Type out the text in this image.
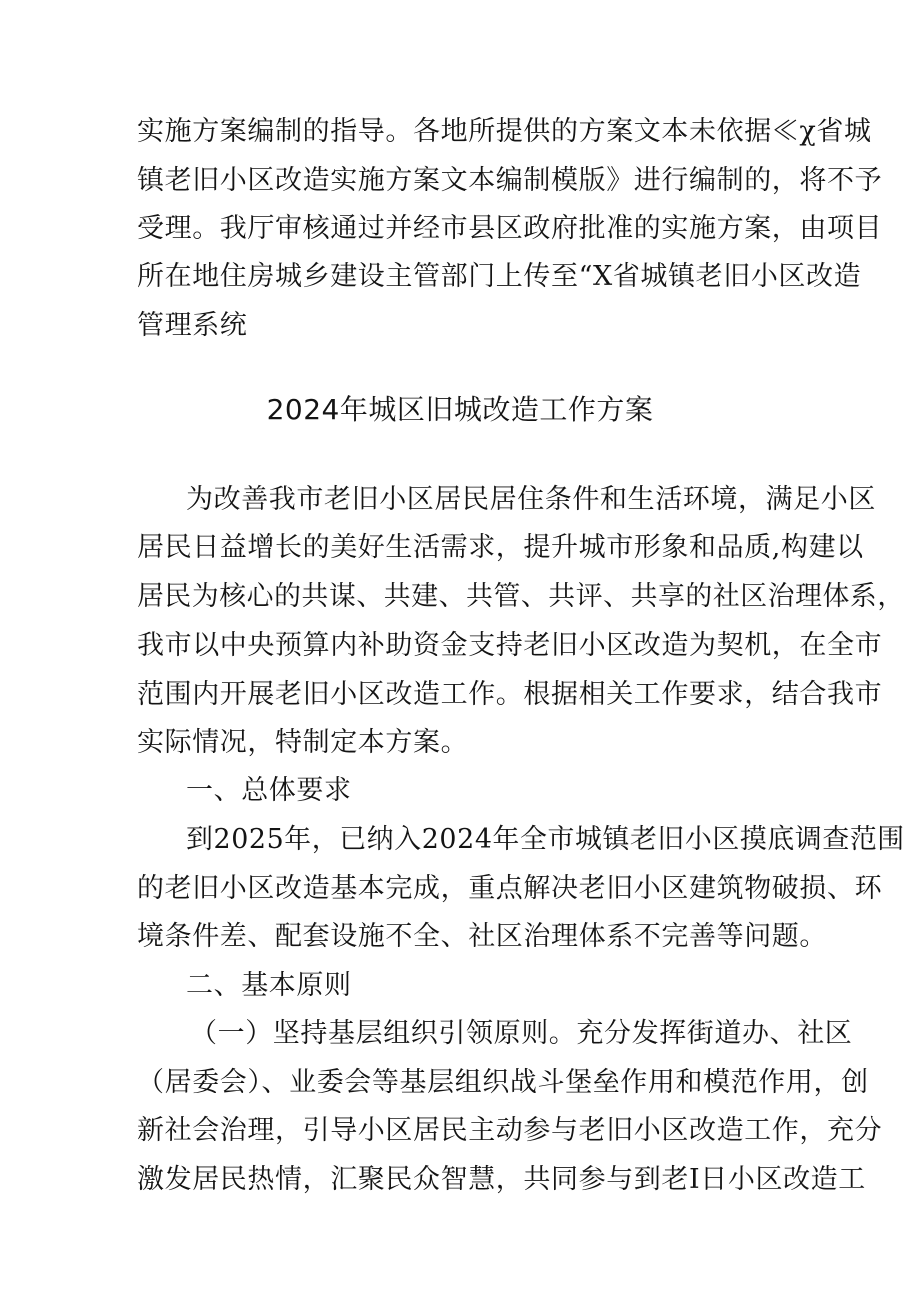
实施方案编制的指导。各地所提供的方案文本未依据≪χ省城
镇老旧小区改造实施方案文本编制模版》进行编制的，将不予
受理。我厅审核通过并经市县区政府批准的实施方案，由项目
所在地住房城乡建设主管部门上传至“X省城镇老旧小区改造
管理系统
2024年城区旧城改造工作方案
为改善我市老旧小区居民居住条件和生活环境，满足小区
居民日益增长的美好生活需求，提升城市形象和品质,构建以
居民为核心的共谋、共建、共管、共评、共享的社区治理体系，
我市以中央预算内补助资金支持老旧小区改造为契机，在全市
范围内开展老旧小区改造工作。根据相关工作要求，结合我市
实际情况，特制定本方案。
一、总体要求
到2025年，已纳入2024年全市城镇老旧小区摸底调查范围
的老旧小区改造基本完成，重点解决老旧小区建筑物破损、环
境条件差、配套设施不全、社区治理体系不完善等问题。
二、基本原则
（一）坚持基层组织引领原则。充分发挥街道办、社区
（居委会）、业委会等基层组织战斗堡垒作用和模范作用，创
新社会治理，引导小区居民主动参与老旧小区改造工作，充分
激发居民热情，汇聚民众智慧，共同参与到老I日小区改造工
